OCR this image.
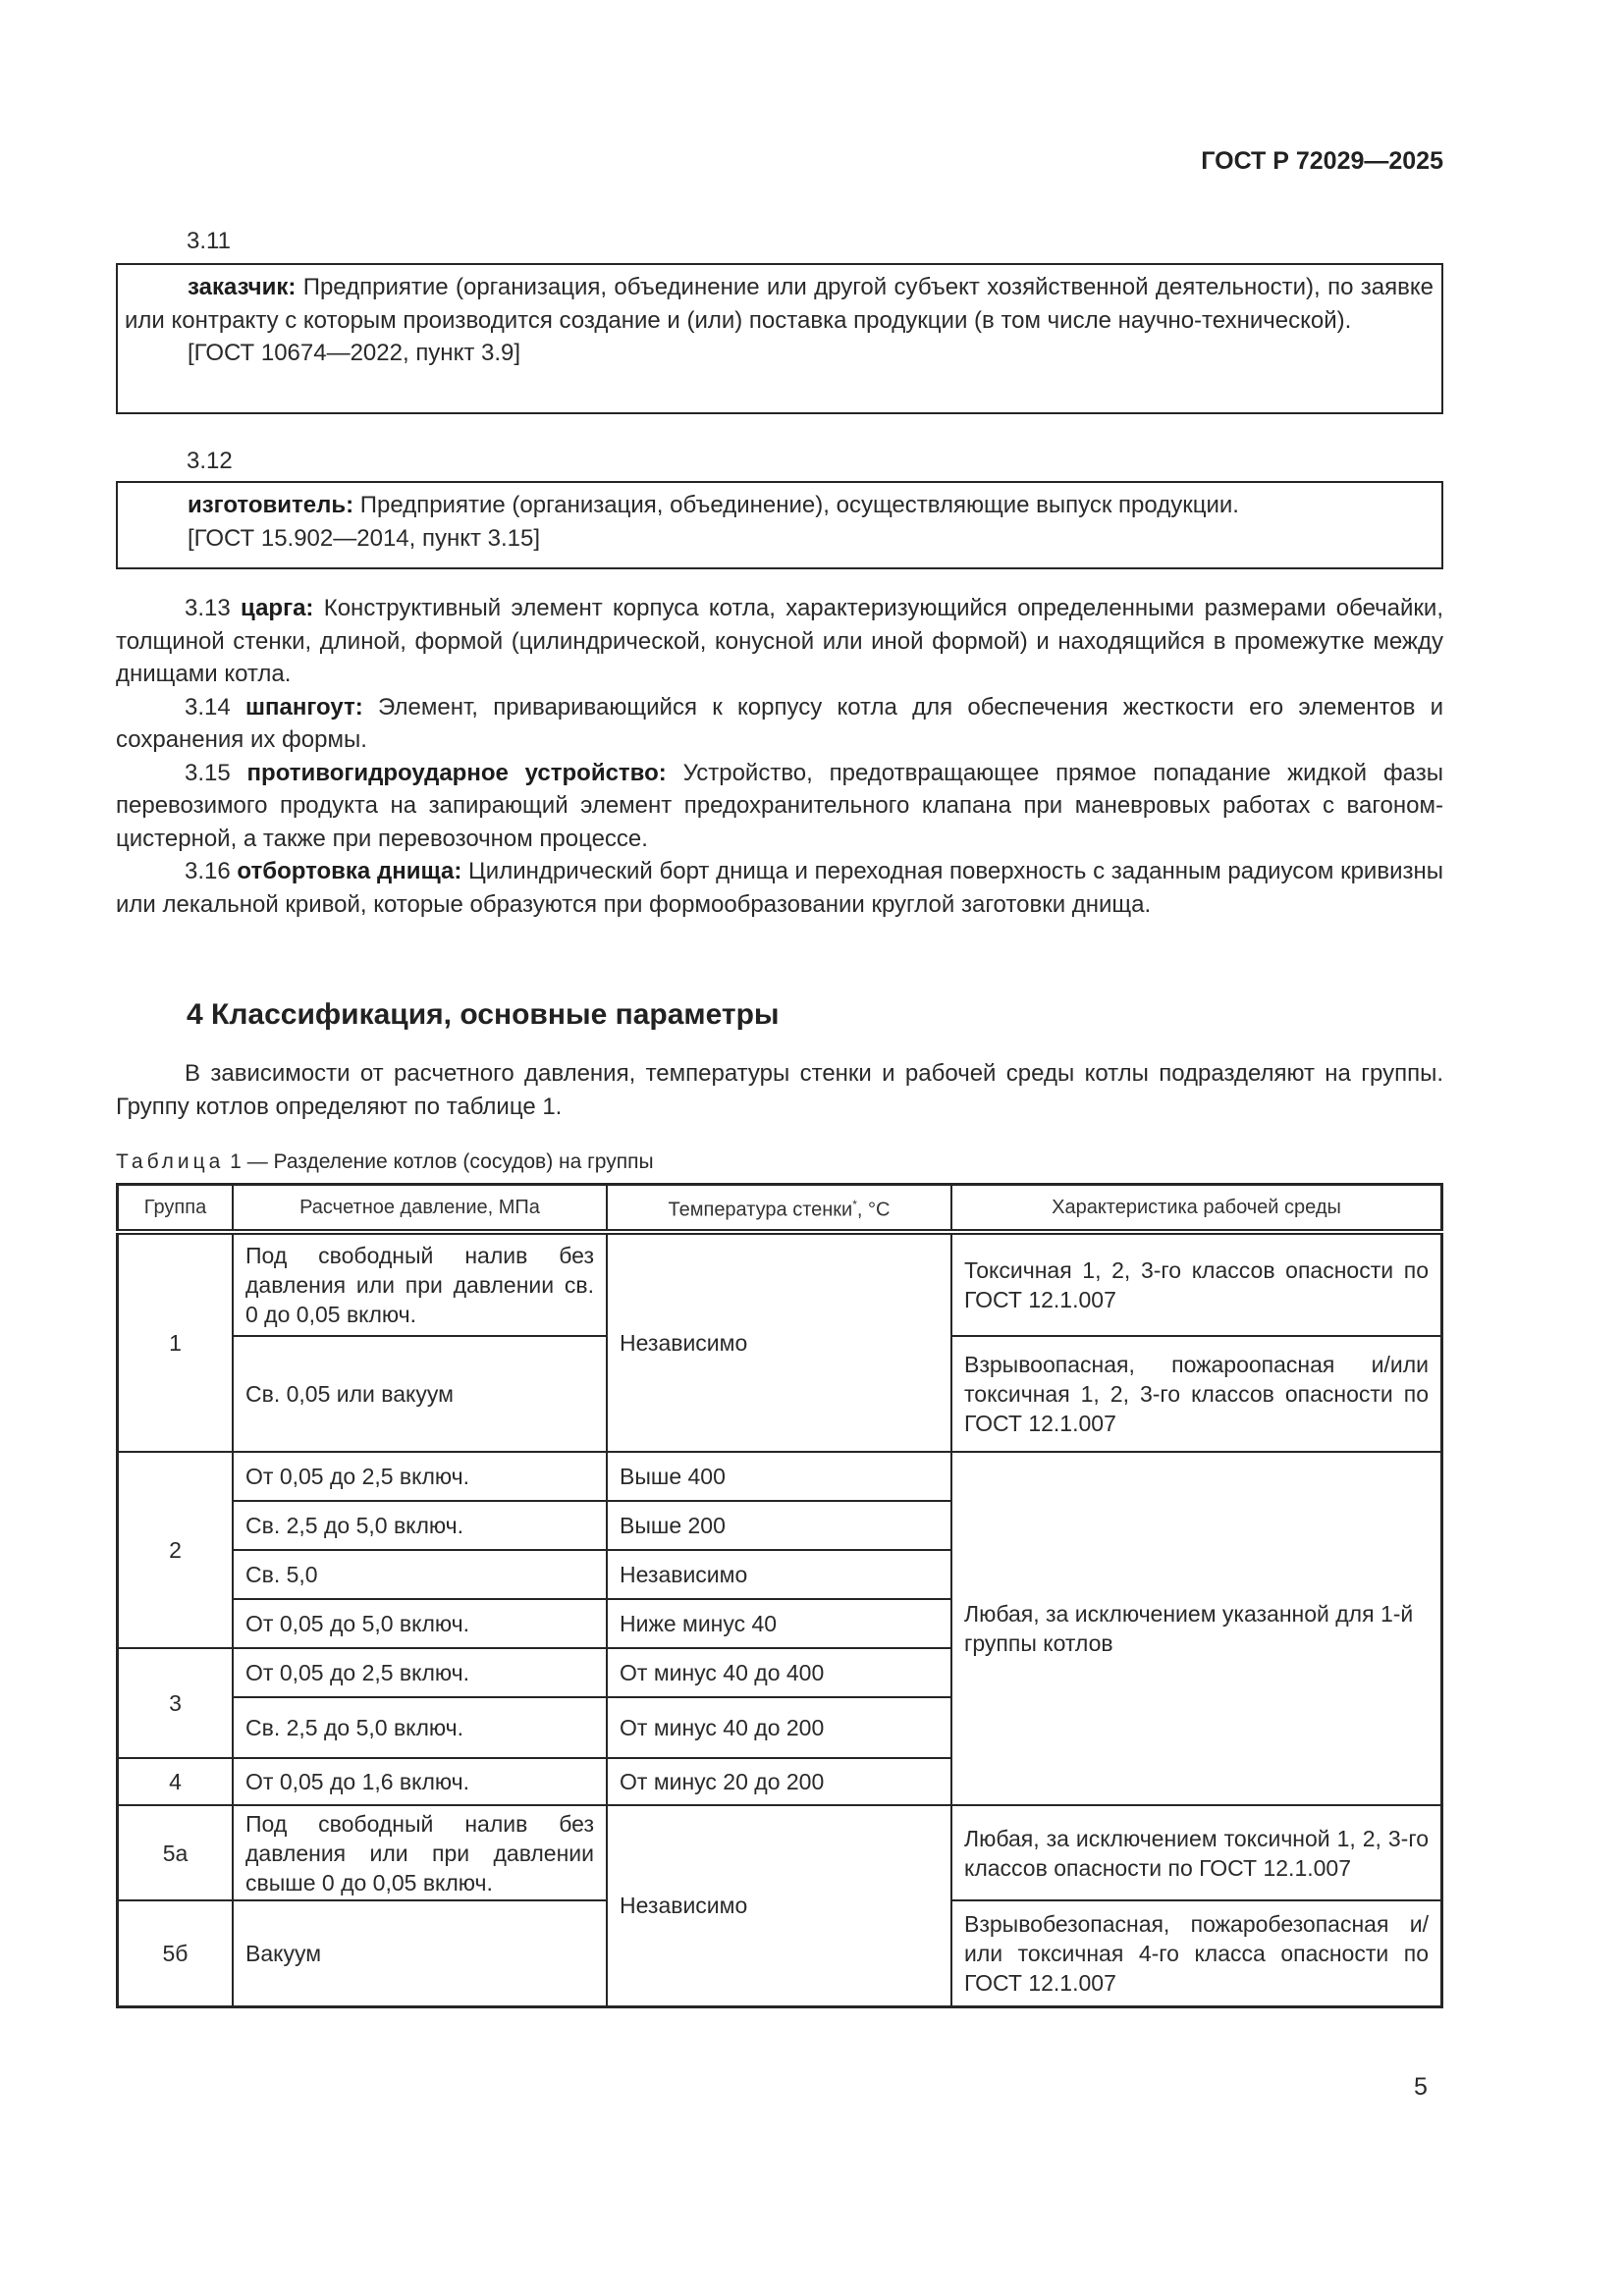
ГОСТ Р 72029—2025
3.11

заказчик: Предприятие (организация, объединение или другой субъект хозяйственной деятельности), по заявке или контракту с которым производится создание и (или) поставка продукции (в том числе научно-технической).

[ГОСТ 10674—2022, пункт 3.9]

3.12

изготовитель: Предприятие (организация, объединение), осуществляющие выпуск продукции.

[ГОСТ 15.902—2014, пункт 3.15]

3.13 царга: Конструктивный элемент корпуса котла, характеризующийся определенными размерами обечайки, толщиной стенки, длиной, формой (цилиндрической, конусной или иной формой) и находящийся в промежутке между днищами котла.

3.14 шпангоут: Элемент, приваривающийся к корпусу котла для обеспечения жесткости его элементов и сохранения их формы.

3.15 противогидроударное устройство: Устройство, предотвращающее прямое попадание жидкой фазы перевозимого продукта на запирающий элемент предохранительного клапана при маневровых работах с вагоном-цистерной, а также при перевозочном процессе.

3.16 отбортовка днища: Цилиндрический борт днища и переходная поверхность с заданным радиусом кривизны или лекальной кривой, которые образуются при формообразовании круглой заготовки днища.

4 Классификация, основные параметры

В зависимости от расчетного давления, температуры стенки и рабочей среды котлы подразделяют на группы. Группу котлов определяют по таблице 1.

Таблица 1 — Разделение котлов (сосудов) на группы
Группа	Расчетное давление, МПа	Температура стенки*, °С	Характеристика рабочей среды
1	Под свободный налив без давления или при давлении св. 0 до 0,05 включ.	Независимо	Токсичная 1, 2, 3-го классов опасности по ГОСТ 12.1.007
	Св. 0,05 или вакуум		Взрывоопасная, пожароопасная и/или токсичная 1, 2, 3-го классов опасности по ГОСТ 12.1.007
2	От 0,05 до 2,5 включ.	Выше 400	Любая, за исключением указанной для 1-й группы котлов
	Св. 2,5 до 5,0 включ.	Выше 200	
	Св. 5,0	Независимо	
	От 0,05 до 5,0 включ.	Ниже минус 40	
3	От 0,05 до 2,5 включ.	От минус 40 до 400	
	Св. 2,5 до 5,0 включ.	От минус 40 до 200	
4	От 0,05 до 1,6 включ.	От минус 20 до 200	
5а	Под свободный налив без давления или при давлении свыше 0 до 0,05 включ.	Независимо	Любая, за исключением токсичной 1, 2, 3-го классов опасности по ГОСТ 12.1.007
5б	Вакуум		Взрывобезопасная, пожаробезопасная и/или токсичная 4-го класса опасности по ГОСТ 12.1.007
5
